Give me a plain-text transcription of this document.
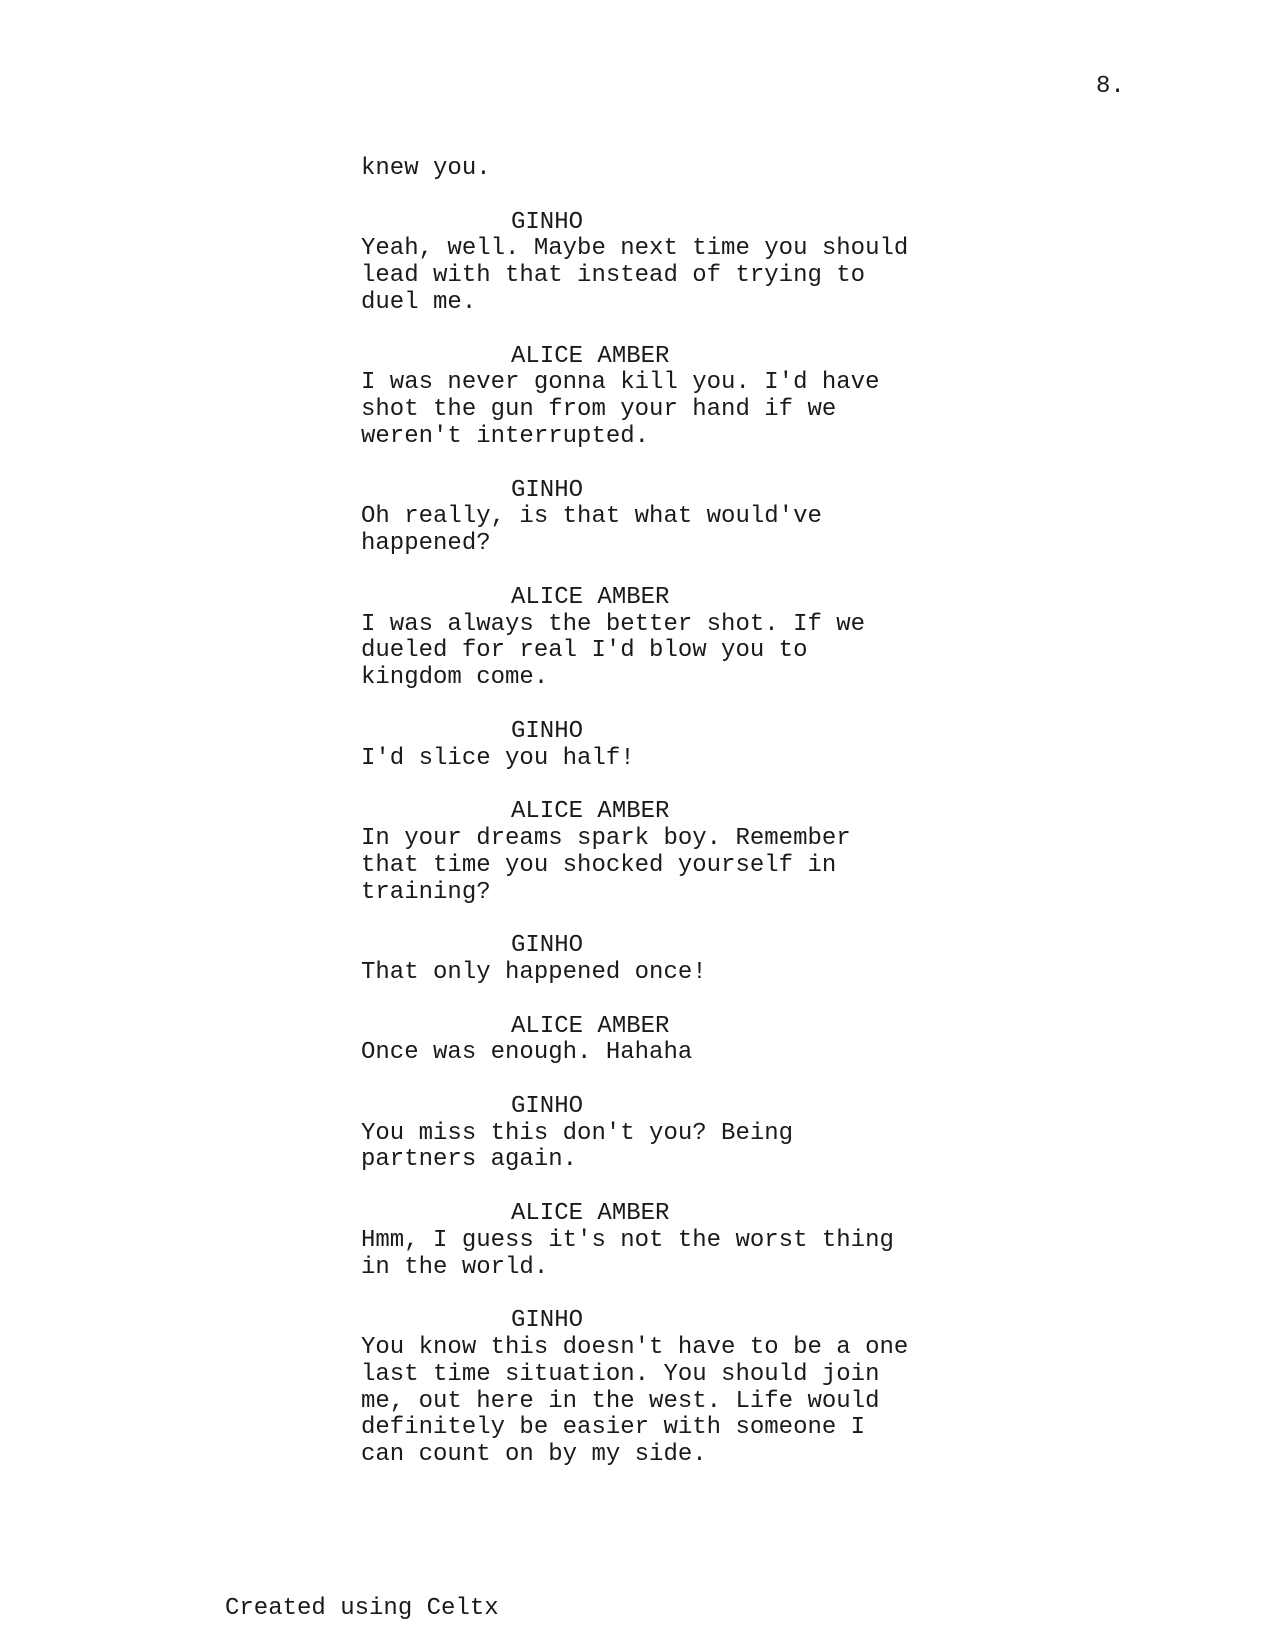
8.
knew you.
GINHO
Yeah, well. Maybe next time you should
lead with that instead of trying to
duel me.
ALICE AMBER
I was never gonna kill you. I'd have
shot the gun from your hand if we
weren't interrupted.
GINHO
Oh really, is that what would've
happened?
ALICE AMBER
I was always the better shot. If we
dueled for real I'd blow you to
kingdom come.
GINHO
I'd slice you half!
ALICE AMBER
In your dreams spark boy. Remember
that time you shocked yourself in
training?
GINHO
That only happened once!
ALICE AMBER
Once was enough. Hahaha
GINHO
You miss this don't you? Being
partners again.
ALICE AMBER
Hmm, I guess it's not the worst thing
in the world.
GINHO
You know this doesn't have to be a one
last time situation. You should join
me, out here in the west. Life would
definitely be easier with someone I
can count on by my side.
Created using Celtx
